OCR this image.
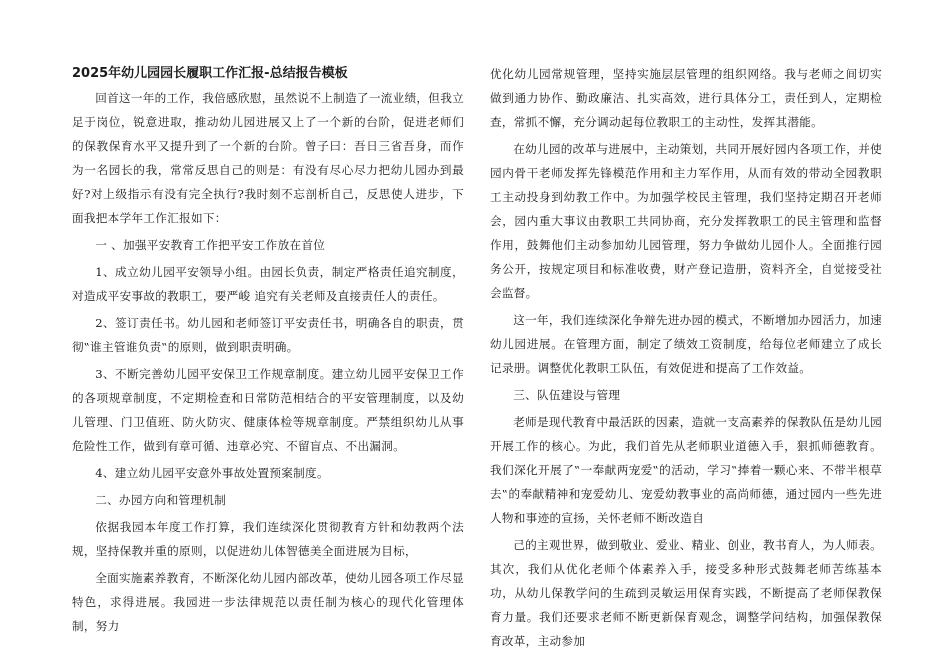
2025年幼儿园园长履职工作汇报-总结报告模板

回首这一年的工作，我倍感欣慰，虽然说不上制造了一流业绩，但我立足于岗位，锐意进取，推动幼儿园进展又上了一个新的台阶，促进老师们的保教保育水平又提升到了一个新的台阶。曾子曰：吾日三省吾身，而作为一名园长的我，常常反思自己的则是：有没有尽心尽力把幼儿园办到最好?对上级指示有没有完全执行?我时刻不忘剖析自己，反思使人进步，下面我把本学年工作汇报如下：

一 、加强平安教育工作把平安工作放在首位

1、成立幼儿园平安领导小组。由园长负责，制定严格责任追究制度，对造成平安事故的教职工，要严峻 追究有关老师及直接责任人的责任。

2、签订责任书。幼儿园和老师签订平安责任书，明确各自的职责，贯彻‟谁主管谁负责‟的原则，做到职责明确。

3、不断完善幼儿园平安保卫工作规章制度。建立幼儿园平安保卫工作的各项规章制度，不定期检查和日常防范相结合的平安管理制度，以及幼儿管理、门卫值班、防火防灾、健康体检等规章制度。严禁组织幼儿从事危险性工作，做到有章可循、违章必究、不留盲点、不出漏洞。

4、建立幼儿园平安意外事故处置预案制度。

二、办园方向和管理机制

依据我园本年度工作打算，我们连续深化贯彻教育方针和幼教两个法规，坚持保教并重的原则，以促进幼儿体智德美全面进展为目标，

全面实施素养教育，不断深化幼儿园内部改革，使幼儿园各项工作尽显特色，求得进展。我园进一步法律规范以责任制为核心的现代化管理体制，努力

优化幼儿园常规管理，坚持实施层层管理的组织网络。我与老师之间切实做到通力协作、勤政廉洁、扎实高效，进行具体分工，责任到人，定期检查，常抓不懈，充分调动起每位教职工的主动性，发挥其潜能。

在幼儿园的改革与进展中，主动策划，共同开展好园内各项工作，并使园内骨干老师发挥先锋模范作用和主力军作用，从而有效的带动全园教职工主动投身到幼教工作中。为加强学校民主管理，我们坚持定期召开老师会，园内重大事议由教职工共同协商，充分发挥教职工的民主管理和监督作用，鼓舞他们主动参加幼儿园管理，努力争做幼儿园仆人。全面推行园务公开，按规定项目和标准收费，财产登记造册，资料齐全，自觉接受社会监督。

这一年，我们连续深化争辩先进办园的模式，不断增加办园活力，加速幼儿园进展。在管理方面，制定了绩效工资制度，给每位老师建立了成长记录册。调整优化教职工队伍，有效促进和提高了工作效益。

三、队伍建设与管理

老师是现代教育中最活跃的因素，造就一支高素养的保教队伍是幼儿园开展工作的核心。为此，我们首先从老师职业道德入手，狠抓师德教育。我们深化开展了‟一奉献两宠爱‟的活动，学习‟捧着一颗心来、不带半根草去‟的奉献精神和宠爱幼儿、宠爱幼教事业的高尚师德，通过园内一些先进人物和事迹的宣扬，关怀老师不断改造自

己的主观世界，做到敬业、爱业、精业、创业，教书育人，为人师表。其次，我们从优化老师个体素养入手，接受多种形式鼓舞老师苦练基本功，从幼儿保教学问的生疏到灵敏运用保育实践，不断提高了老师保教保育力量。我们还要求老师不断更新保育观念，调整学问结构，加强保教保育改革，主动参加
